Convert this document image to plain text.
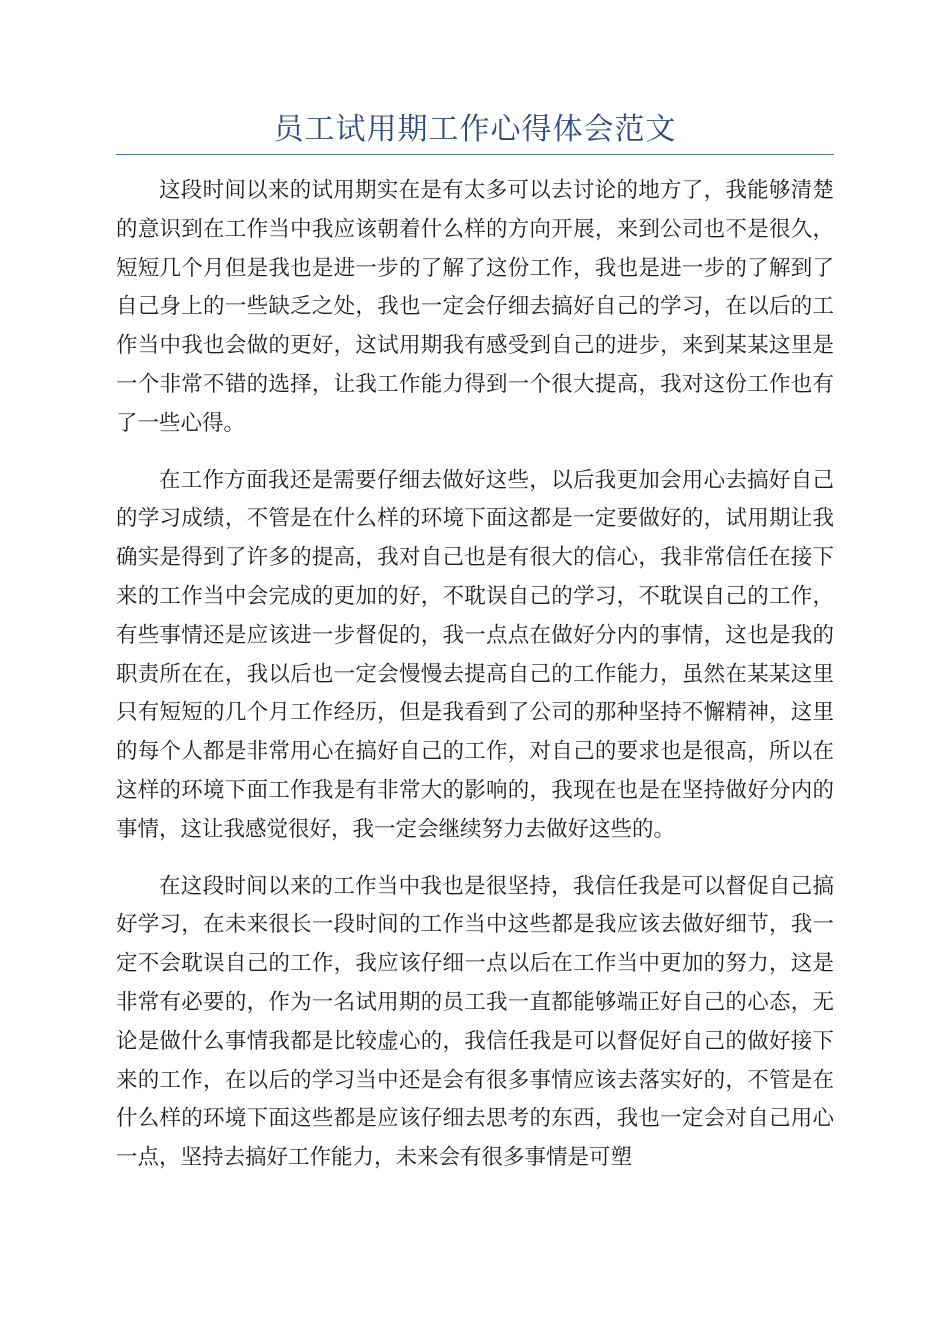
员工试用期工作心得体会范文

这段时间以来的试用期实在是有太多可以去讨论的地方了，我能够清楚的意识到在工作当中我应该朝着什么样的方向开展，来到公司也不是很久，短短几个月但是我也是进一步的了解了这份工作，我也是进一步的了解到了自己身上的一些缺乏之处，我也一定会仔细去搞好自己的学习，在以后的工作当中我也会做的更好，这试用期我有感受到自己的进步，来到某某这里是一个非常不错的选择，让我工作能力得到一个很大提高，我对这份工作也有了一些心得。

在工作方面我还是需要仔细去做好这些，以后我更加会用心去搞好自己的学习成绩，不管是在什么样的环境下面这都是一定要做好的，试用期让我确实是得到了许多的提高，我对自己也是有很大的信心，我非常信任在接下来的工作当中会完成的更加的好，不耽误自己的学习，不耽误自己的工作，有些事情还是应该进一步督促的，我一点点在做好分内的事情，这也是我的职责所在在，我以后也一定会慢慢去提高自己的工作能力，虽然在某某这里只有短短的几个月工作经历，但是我看到了公司的那种坚持不懈精神，这里的每个人都是非常用心在搞好自己的工作，对自己的要求也是很高，所以在这样的环境下面工作我是有非常大的影响的，我现在也是在坚持做好分内的事情，这让我感觉很好，我一定会继续努力去做好这些的。

在这段时间以来的工作当中我也是很坚持，我信任我是可以督促自己搞好学习，在未来很长一段时间的工作当中这些都是我应该去做好细节，我一定不会耽误自己的工作，我应该仔细一点以后在工作当中更加的努力，这是非常有必要的，作为一名试用期的员工我一直都能够端正好自己的心态，无论是做什么事情我都是比较虚心的，我信任我是可以督促好自己的做好接下来的工作，在以后的学习当中还是会有很多事情应该去落实好的，不管是在什么样的环境下面这些都是应该仔细去思考的东西，我也一定会对自己用心一点，坚持去搞好工作能力，未来会有很多事情是可塑
